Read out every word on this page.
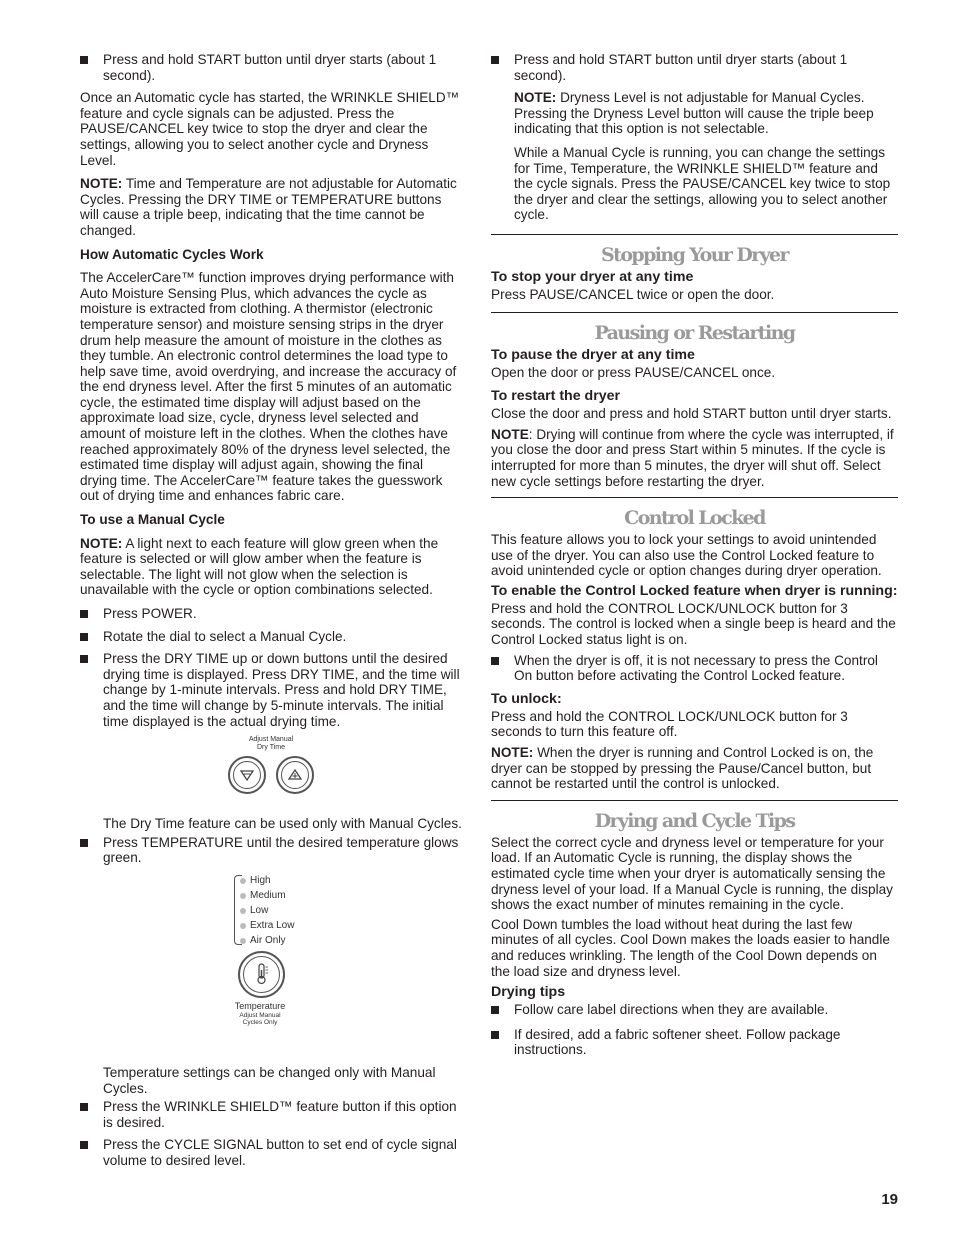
Press and hold START button until dryer starts (about 1 second).

Once an Automatic cycle has started, the WRINKLE SHIELD™ feature and cycle signals can be adjusted. Press the PAUSE/CANCEL key twice to stop the dryer and clear the settings, allowing you to select another cycle and Dryness Level.

NOTE: Time and Temperature are not adjustable for Automatic Cycles. Pressing the DRY TIME or TEMPERATURE buttons will cause a triple beep, indicating that the time cannot be changed.

How Automatic Cycles Work

The AccelerCare™ function improves drying performance with Auto Moisture Sensing Plus, which advances the cycle as moisture is extracted from clothing. A thermistor (electronic temperature sensor) and moisture sensing strips in the dryer drum help measure the amount of moisture in the clothes as they tumble. An electronic control determines the load type to help save time, avoid overdrying, and increase the accuracy of the end dryness level. After the first 5 minutes of an automatic cycle, the estimated time display will adjust based on the approximate load size, cycle, dryness level selected and amount of moisture left in the clothes. When the clothes have reached approximately 80% of the dryness level selected, the estimated time display will adjust again, showing the final drying time. The AccelerCare™ feature takes the guesswork out of drying time and enhances fabric care.

To use a Manual Cycle

NOTE: A light next to each feature will glow green when the feature is selected or will glow amber when the feature is selectable. The light will not glow when the selection is unavailable with the cycle or option combinations selected.

Press POWER.
Rotate the dial to select a Manual Cycle.
Press the DRY TIME up or down buttons until the desired drying time is displayed. Press DRY TIME, and the time will change by 1-minute intervals. Press and hold DRY TIME, and the time will change by 5-minute intervals. The initial time displayed is the actual drying time.
Adjust Manual
Dry Time

The Dry Time feature can be used only with Manual Cycles.

Press TEMPERATURE until the desired temperature glows green.
High
Medium
Low
Extra Low
Air Only
Temperature
Adjust Manual
Cycles Only

Temperature settings can be changed only with Manual Cycles.

Press the WRINKLE SHIELD™ feature button if this option is desired.
Press the CYCLE SIGNAL button to set end of cycle signal volume to desired level.
Press and hold START button until dryer starts (about 1 second).

NOTE: Dryness Level is not adjustable for Manual Cycles. Pressing the Dryness Level button will cause the triple beep indicating that this option is not selectable.

While a Manual Cycle is running, you can change the settings for Time, Temperature, the WRINKLE SHIELD™ feature and the cycle signals. Press the PAUSE/CANCEL key twice to stop the dryer and clear the settings, allowing you to select another cycle.

Stopping Your Dryer
To stop your dryer at any time

Press PAUSE/CANCEL twice or open the door.

Pausing or Restarting
To pause the dryer at any time

Open the door or press PAUSE/CANCEL once.

To restart the dryer

Close the door and press and hold START button until dryer starts.

NOTE: Drying will continue from where the cycle was interrupted, if you close the door and press Start within 5 minutes. If the cycle is interrupted for more than 5 minutes, the dryer will shut off. Select new cycle settings before restarting the dryer.

Control Locked

This feature allows you to lock your settings to avoid unintended use of the dryer. You can also use the Control Locked feature to avoid unintended cycle or option changes during dryer operation.

To enable the Control Locked feature when dryer is running:

Press and hold the CONTROL LOCK/UNLOCK button for 3 seconds. The control is locked when a single beep is heard and the Control Locked status light is on.

When the dryer is off, it is not necessary to press the Control On button before activating the Control Locked feature.
To unlock:

Press and hold the CONTROL LOCK/UNLOCK button for 3 seconds to turn this feature off.

NOTE: When the dryer is running and Control Locked is on, the dryer can be stopped by pressing the Pause/Cancel button, but cannot be restarted until the control is unlocked.

Drying and Cycle Tips

Select the correct cycle and dryness level or temperature for your load. If an Automatic Cycle is running, the display shows the estimated cycle time when your dryer is automatically sensing the dryness level of your load. If a Manual Cycle is running, the display shows the exact number of minutes remaining in the cycle.

Cool Down tumbles the load without heat during the last few minutes of all cycles. Cool Down makes the loads easier to handle and reduces wrinkling. The length of the Cool Down depends on the load size and dryness level.

Drying tips
Follow care label directions when they are available.
If desired, add a fabric softener sheet. Follow package instructions.
19
